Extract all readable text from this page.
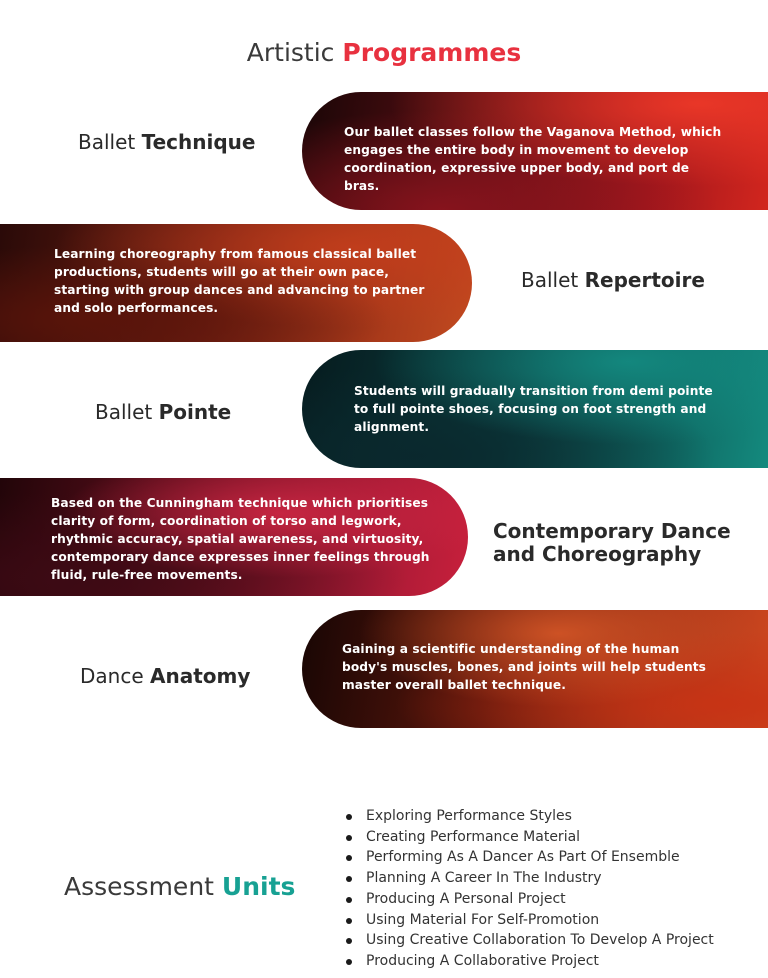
Artistic Programmes
Ballet Technique	Our ballet classes follow the Vaganova Method, which engages the entire body in movement to develop coordination, expressive upper body, and port de bras.

Learning choreography from famous classical ballet productions, students will go at their own pace, starting with group dances and advancing to partner and solo performances.

Ballet Repertoire
Ballet Pointe

Students will gradually transition from demi pointe to full pointe shoes, focusing on foot strength and alignment.

Based on the Cunningham technique which prioritises clarity of form, coordination of torso and legwork, rhythmic accuracy, spatial awareness, and virtuosity, contemporary dance expresses inner feelings through fluid, rule-free movements.

Contemporary Dance
and Choreography
Dance Anatomy

Gaining a scientific understanding of the human body's muscles, bones, and joints will help students master overall ballet technique.

Assessment Units
Exploring Performance Styles
Creating Performance Material
Performing As A Dancer As Part Of Ensemble
Planning A Career In The Industry
Producing A Personal Project
Using Material For Self-Promotion
Using Creative Collaboration To Develop A Project
Producing A Collaborative Project
